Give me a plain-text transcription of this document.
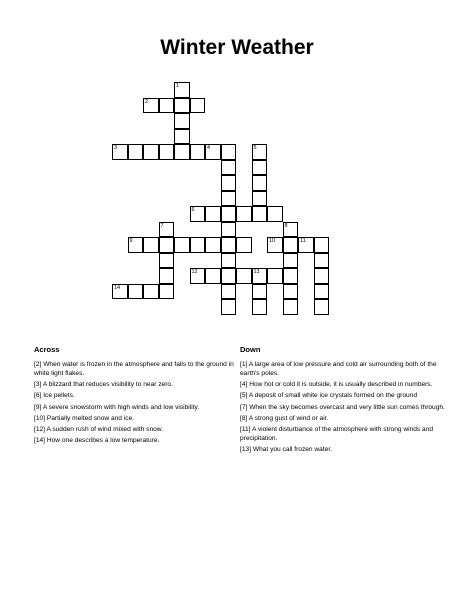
Winter Weather
1
2
3	4	5
6
7	8
9	10	11
12	13
14
Across
[2] When water is frozen in the atmosphere and falls to the ground in white light flakes.
[3] A blizzard that reduces visibility to near zero.
[6] Ice pellets.
[9] A severe snowstorm with high winds and low visibility.
[10] Partially melted snow and ice.
[12] A sudden rush of wind mixed with snow.
[14] How one describes a low temperature.
Down
[1] A large area of low pressure and cold air surrounding both of the earth's poles.
[4] How hot or cold it is outside, it is usually described in numbers.
[5] A deposit of small white ice crystals formed on the ground
[7] When the sky becomes overcast and very little sun comes through.
[8] A strong gust of wind or air.
[11] A violent disturbance of the atmosphere with strong winds and precipitation.
[13] What you call frozen water.
